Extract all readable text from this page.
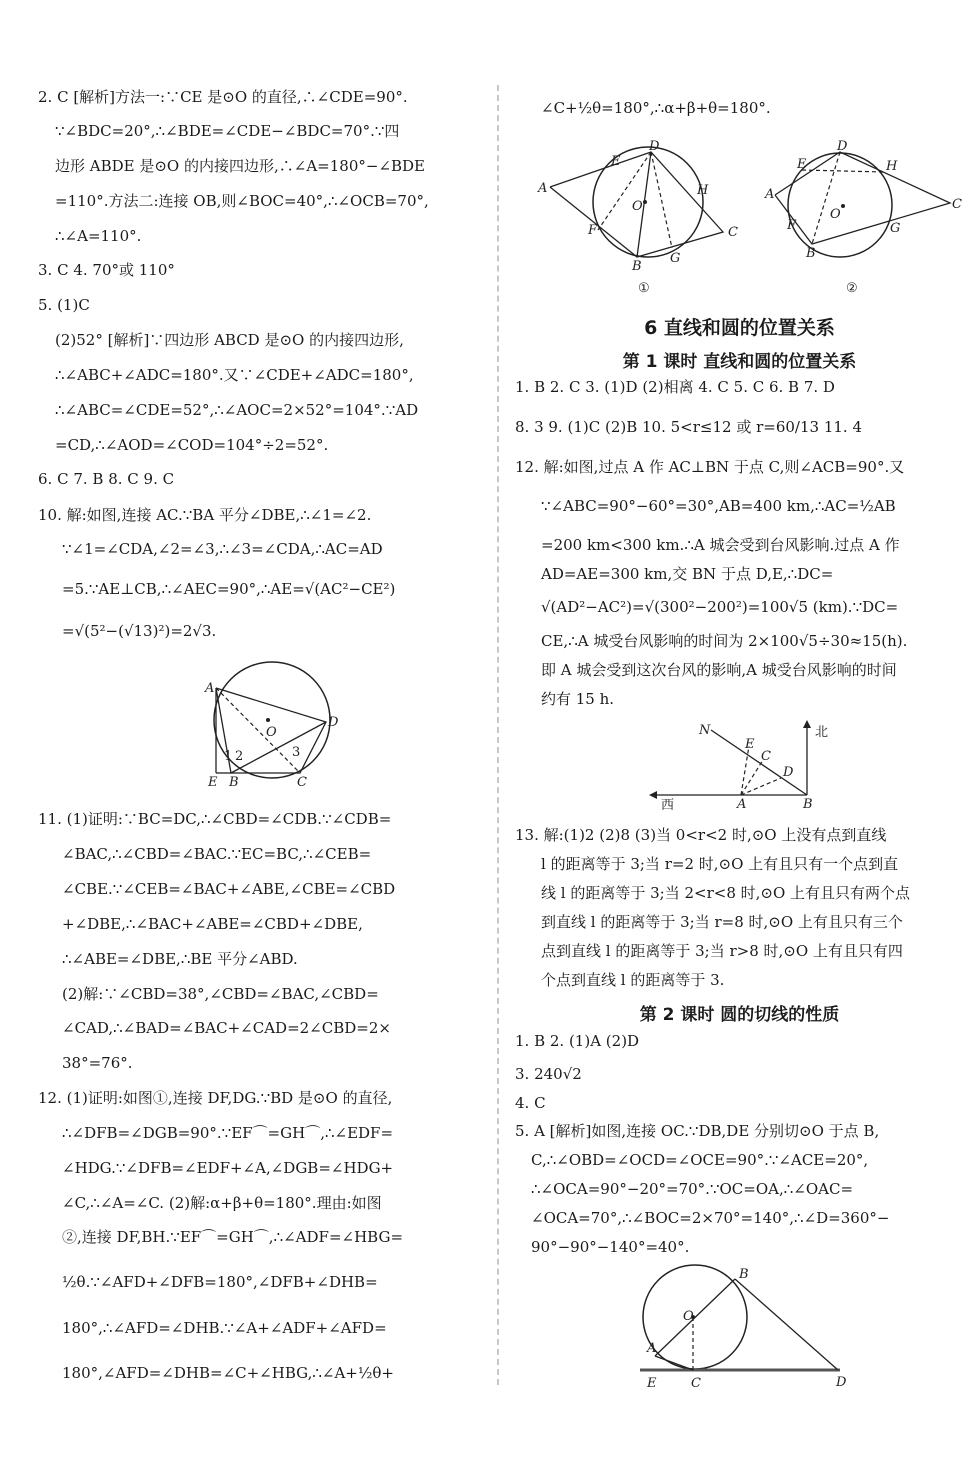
2. C [解析]方法一:∵CE 是⊙O 的直径,∴∠CDE=90°.
∵∠BDC=20°,∴∠BDE=∠CDE−∠BDC=70°.∵四
边形 ABDE 是⊙O 的内接四边形,∴∠A=180°−∠BDE
=110°.方法二:连接 OB,则∠BOC=40°,∴∠OCB=70°,
∴∠A=110°.
3. C 4. 70°或 110°
5. (1)C
(2)52° [解析]∵四边形 ABCD 是⊙O 的内接四边形,
∴∠ABC+∠ADC=180°.又∵∠CDE+∠ADC=180°,
∴∠ABC=∠CDE=52°,∴∠AOC=2×52°=104°.∵AD
=CD,∴∠AOD=∠COD=104°÷2=52°.
6. C 7. B 8. C 9. C
10. 解:如图,连接 AC.∵BA 平分∠DBE,∴∠1=∠2.
∵∠1=∠CDA,∠2=∠3,∴∠3=∠CDA,∴AC=AD
=5.∵AE⊥CB,∴∠AEC=90°,∴AE=√(AC²−CE²)
=√(5²−(√13)²)=2√3.
A
D
E B	C
O
1 2	3
11. (1)证明:∵BC=DC,∴∠CBD=∠CDB.∵∠CDB=
∠BAC,∴∠CBD=∠BAC.∵EC=BC,∴∠CEB=
∠CBE.∵∠CEB=∠BAC+∠ABE,∠CBE=∠CBD
+∠DBE,∴∠BAC+∠ABE=∠CBD+∠DBE,
∴∠ABE=∠DBE,∴BE 平分∠ABD.
(2)解:∵∠CBD=38°,∠CBD=∠BAC,∠CBD=
∠CAD,∴∠BAD=∠BAC+∠CAD=2∠CBD=2×
38°=76°.
12. (1)证明:如图①,连接 DF,DG.∵BD 是⊙O 的直径,
∴∠DFB=∠DGB=90°.∵EF⌒=GH⌒,∴∠EDF=
∠HDG.∵∠DFB=∠EDF+∠A,∠DGB=∠HDG+
∠C,∴∠A=∠C. (2)解:α+β+θ=180°.理由:如图
②,连接 DF,BH.∵EF⌒=GH⌒,∴∠ADF=∠HBG=
½θ.∵∠AFD+∠DFB=180°,∠DFB+∠DHB=
180°,∴∠AFD=∠DHB.∵∠A+∠ADF+∠AFD=
180°,∠AFD=∠DHB=∠C+∠HBG,∴∠A+½θ+
∠C+½θ=180°,∴α+β+θ=180°.
A
D
E
H
C
G
B
F
O
①
A
D
E	H
C
G
B
F
O
②
6 直线和圆的位置关系
第 1 课时 直线和圆的位置关系
1. B 2. C 3. (1)D (2)相离 4. C 5. C 6. B 7. D
8. 3 9. (1)C (2)B 10. 5<r≤12 或 r=60/13 11. 4
12. 解:如图,过点 A 作 AC⊥BN 于点 C,则∠ACB=90°.又
∵∠ABC=90°−60°=30°,AB=400 km,∴AC=½AB
=200 km<300 km.∴A 城会受到台风影响.过点 A 作
AD=AE=300 km,交 BN 于点 D,E,∴DC=
√(AD²−AC²)=√(300²−200²)=100√5 (km).∵DC=
CE,∴A 城受台风影响的时间为 2×100√5÷30≈15(h).
即 A 城会受到这次台风的影响,A 城受台风影响的时间
约有 15 h.
N
E
C
D
A	B
北
西
13. 解:(1)2 (2)8 (3)当 0<r<2 时,⊙O 上没有点到直线
l 的距离等于 3;当 r=2 时,⊙O 上有且只有一个点到直
线 l 的距离等于 3;当 2<r<8 时,⊙O 上有且只有两个点
到直线 l 的距离等于 3;当 r=8 时,⊙O 上有且只有三个
点到直线 l 的距离等于 3;当 r>8 时,⊙O 上有且只有四
个点到直线 l 的距离等于 3.
第 2 课时 圆的切线的性质
1. B 2. (1)A (2)D
3. 240√2
4. C
5. A [解析]如图,连接 OC.∵DB,DE 分别切⊙O 于点 B,
C,∴∠OBD=∠OCD=∠OCE=90°.∵∠ACE=20°,
∴∠OCA=90°−20°=70°.∵OC=OA,∴∠OAC=
∠OCA=70°,∴∠BOC=2×70°=140°,∴∠D=360°−
90°−90°−140°=40°.
B
O
A
E	C	D
